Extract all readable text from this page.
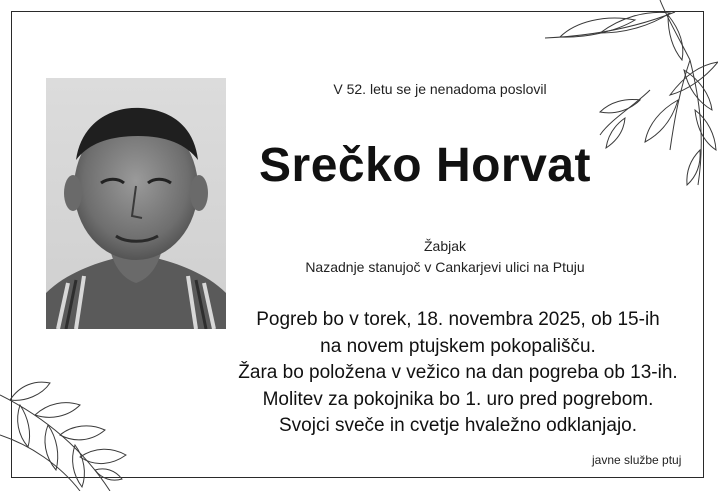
V 52. letu se je nenadoma poslovil
Srečko Horvat
Žabjak
Nazadnje stanujoč v Cankarjevi ulici na Ptuju
Pogreb bo v torek, 18. novembra 2025, ob 15-ih
na novem ptujskem pokopališču.
Žara bo položena v vežico na dan pogreba ob 13-ih.
Molitev za pokojnika bo 1. uro pred pogrebom.
Svojci sveče in cvetje hvaležno odklanjajo.
javne službe ptuj
